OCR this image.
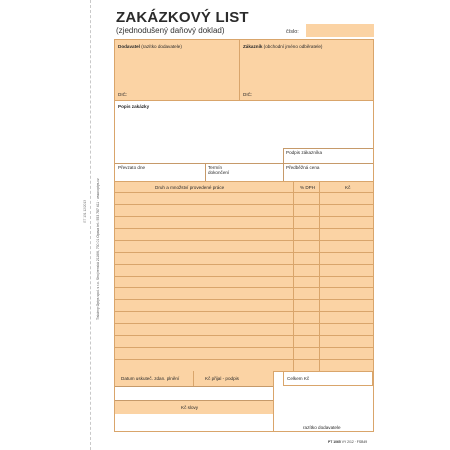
Tiskárny Optys spol. s r.o. Strojírenská 2116/6, 730 01 Opava tel.: 553 787 411 · www.optys.cz
ET 131 12/2013
ZAKÁZKOVÝ LIST
(zjednodušený daňový doklad)	číslo:
Dodavatel (razítko dodavatele)
DIČ:
Zákazník (obchodní jméno odběratele)
DIČ:
Popis zakázky
Podpis zákazníka
Převzato dne	Termín dokončení
Předběžná cena
Druh a množství provedené práce	% DPH	Kč
Datum uskuteč. zdan. plnění	Kč přijal - podpis	Celkem Kč
Kč slovy
razítko dodavatele
PT 1065 VY 2/12 · FSB49
